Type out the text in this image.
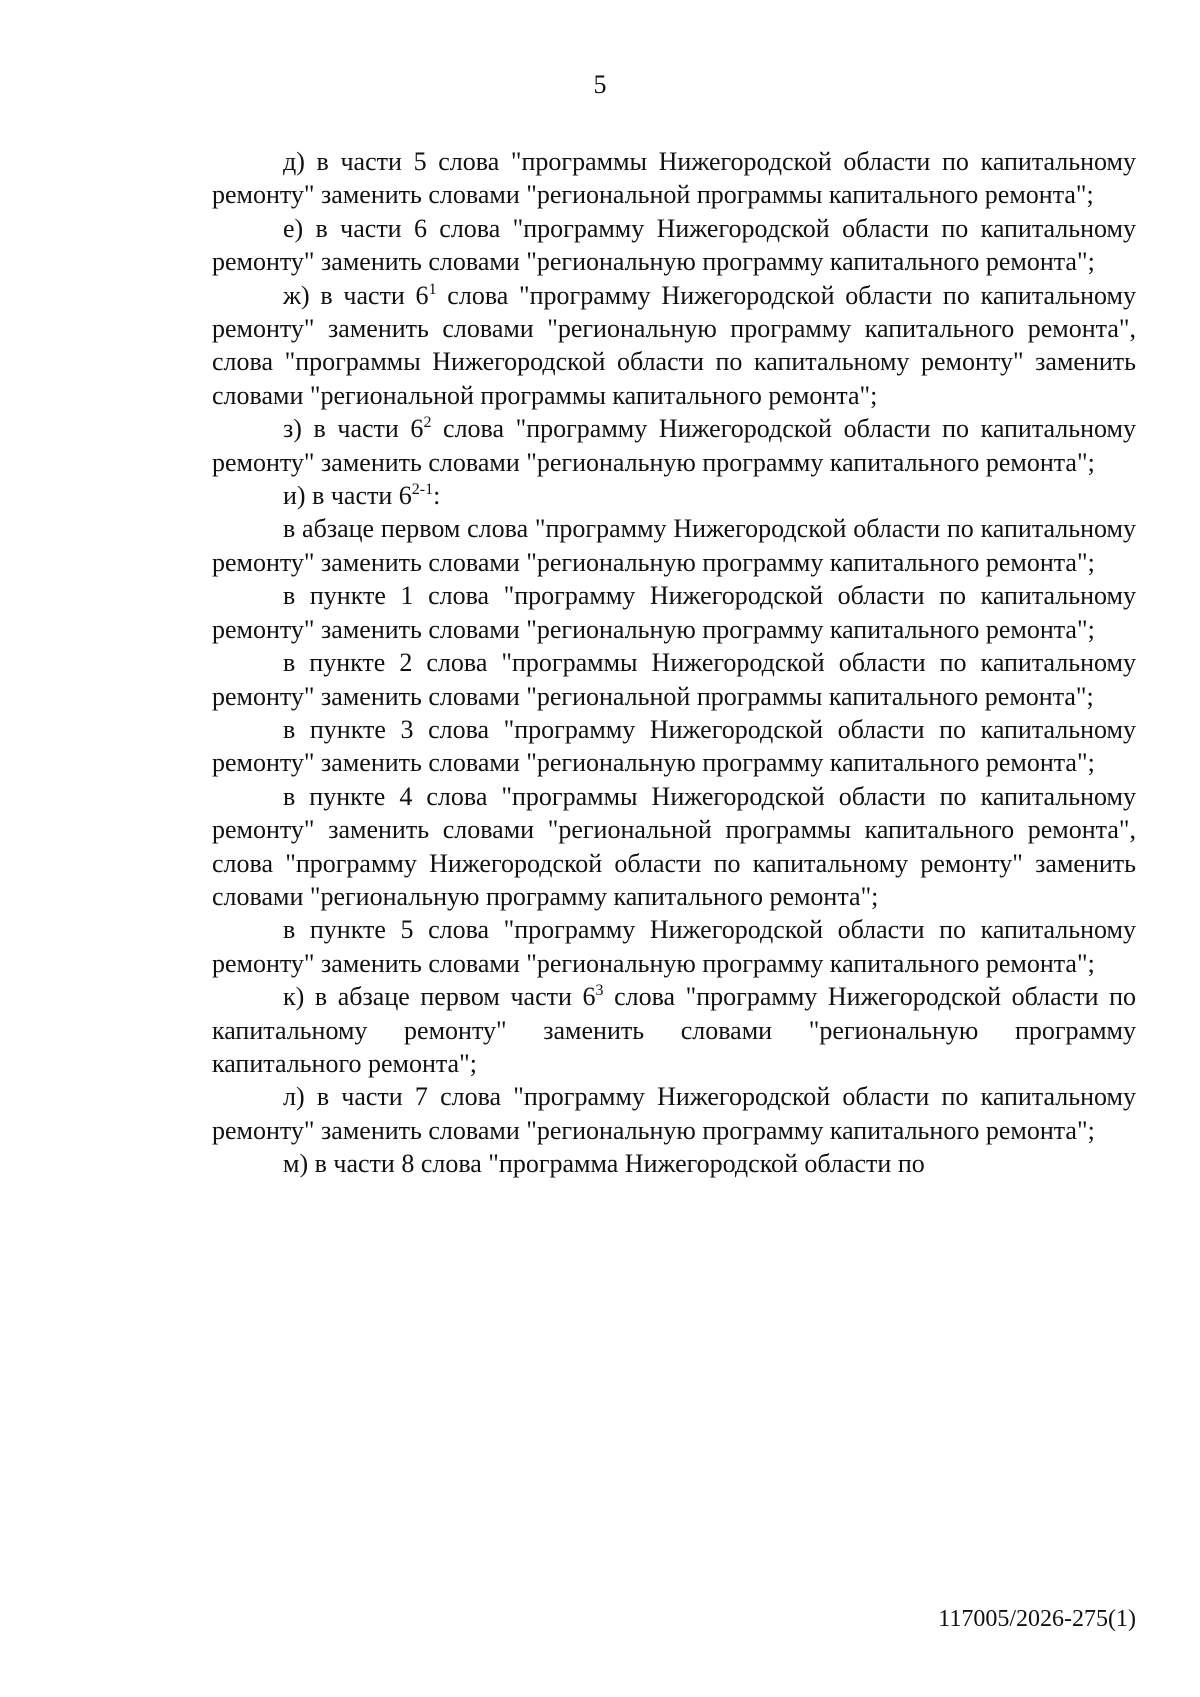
5

д) в части 5 слова "программы Нижегородской области по капитальному ремонту" заменить словами "региональной программы капитального ремонта";

е) в части 6 слова "программу Нижегородской области по капитальному ремонту" заменить словами "региональную программу капитального ремонта";

ж) в части $6^1$ слова "программу Нижегородской области по капитальному ремонту" заменить словами "региональную программу капитального ремонта", слова "программы Нижегородской области по капитальному ремонту" заменить словами "региональной программы капитального ремонта";

з) в части $6^2$ слова "программу Нижегородской области по капитальному ремонту" заменить словами "региональную программу капитального ремонта";

и) в части 6$^{2-1}$:

в абзаце первом слова "программу Нижегородской области по капитальному ремонту" заменить словами "региональную программу капитального ремонта";

в пункте 1 слова "программу Нижегородской области по капитальному ремонту" заменить словами "региональную программу капитального ремонта";

в пункте 2 слова "программы Нижегородской области по капитальному ремонту" заменить словами "региональной программы капитального ремонта";

в пункте 3 слова "программу Нижегородской области по капитальному ремонту" заменить словами "региональную программу капитального ремонта";

в пункте 4 слова "программы Нижегородской области по капитальному ремонту" заменить словами "региональной программы капитального ремонта", слова "программу Нижегородской области по капитальному ремонту" заменить словами "региональную программу капитального ремонта";

в пункте 5 слова "программу Нижегородской области по капитальному ремонту" заменить словами "региональную программу капитального ремонта";

к) в абзаце первом части $6^3$ слова "программу Нижегородской области по капитальному ремонту" заменить словами "региональную программу капитального ремонта";

л) в части 7 слова "программу Нижегородской области по капитальному ремонту" заменить словами "региональную программу капитального ремонта";

м) в части 8 слова "программа Нижегородской области по

117005/2026-275(1)
